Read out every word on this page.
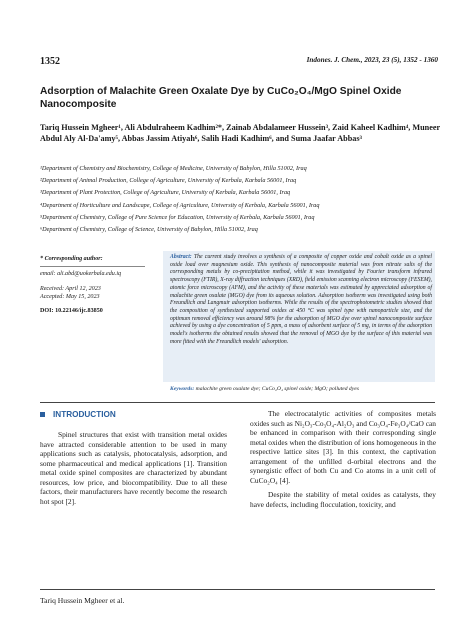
1352	Indones. J. Chem., 2023, 23 (5), 1352 - 1360
Adsorption of Malachite Green Oxalate Dye by CuCo₂O₄/MgO Spinel Oxide Nanocomposite
Tariq Hussein Mgheer¹, Ali Abdulraheem Kadhim²*, Zainab Abdalameer Hussein³, Zaid Kaheel Kadhim⁴, Muneer Abdul Aly Al-Da'amy⁵, Abbas Jassim Atiyah⁶, Salih Hadi Kadhim⁶, and Suma Jaafar Abbas³
¹Department of Chemistry and Biochemistry, College of Medicine, University of Babylon, Hilla 51002, Iraq
²Department of Animal Production, College of Agriculture, University of Kerbala, Karbala 56001, Iraq
³Department of Plant Protection, College of Agriculture, University of Kerbala, Karbala 56001, Iraq
⁴Department of Horticulture and Landscape, College of Agriculture, University of Kerbala, Karbala 56001, Iraq
⁵Department of Chemistry, College of Pure Science for Education, University of Kerbala, Karbala 56001, Iraq
⁶Department of Chemistry, College of Science, University of Babylon, Hilla 51002, Iraq
* Corresponding author:
email: ali.abd@uokerbala.edu.iq
Received: April 12, 2023
Accepted: May 15, 2023
DOI: 10.22146/ijc.83850
Abstract: The current study involves a synthesis of a composite of copper oxide and cobalt oxide as a spinel oxide load over magnesium oxide. This synthesis of nanocomposite material was from nitrate salts of the corresponding metals by co-precipitation method, while it was investigated by Fourier transform infrared spectroscopy (FTIR), X-ray diffraction techniques (XRD), field emission scanning electron microscopy (FESEM), atomic force microscopy (AFM), and the activity of these materials was estimated by appreciated adsorption of malachite green oxalate (MGO) dye from its aqueous solution. Adsorption isotherm was investigated using both Freundlich and Langmuir adsorption isotherms. While the results of the spectrophotometric studies showed that the composition of synthesized supported oxides at 450 °C was spinel type with nanoparticle size, and the optimum removal efficiency was around 98% for the adsorption of MGO dye over spinel nanocomposite surface achieved by using a dye concentration of 5 ppm, a mass of adsorbent surface of 5 mg, in terms of the adsorption model's isotherms the obtained results showed that the removal of MGO dye by the surface of this material was more fitted with the Freundlich models' adsorption.
Keywords: malachite green oxalate dye; CuCo₂O₄ spinel oxide; MgO; polluted dyes
INTRODUCTION

Spinel structures that exist with transition metal oxides have attracted considerable attention to be used in many applications such as catalysis, photocatalysis, adsorption, and some pharmaceutical and medical applications [1]. Transition metal oxide spinel composites are characterized by abundant resources, low price, and biocompatibility. Due to all these factors, their manufacturers have recently become the research hot spot [2].

The electrocatalytic activities of composites metals oxides such as Ni₂O₃-Co₃O₄-Al₂O₃ and Co₃O₄-Fe₃O₄/CaO can be enhanced in comparison with their corresponding single metal oxides when the distribution of ions homogeneous in the respective lattice sites [3]. In this context, the captivation arrangement of the unfilled d-orbital electrons and the synergistic effect of both Cu and Co atoms in a unit cell of CuCo₂O₄ [4].

Despite the stability of metal oxides as catalysts, they have defects, including flocculation, toxicity, and

Tariq Hussein Mgheer et al.
